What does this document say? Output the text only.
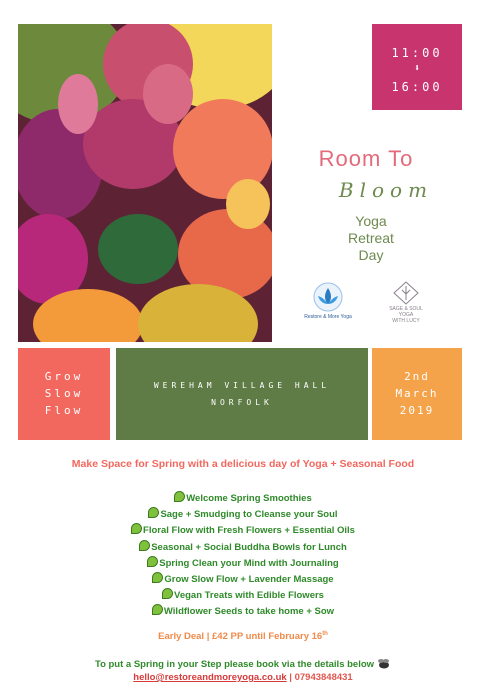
11:00
⬇
16:00
Room To
Bloom
Yoga
Retreat
Day
Restore & More Yoga
SAGE & SOUL
YOGA
WITH LUCY
Grow
Slow
Flow
WEREHAM VILLAGE HALL
NORFOLK
2nd
March
2019
Make Space for Spring with a delicious day of Yoga + Seasonal Food
Welcome Spring Smoothies
Sage + Smudging to Cleanse your Soul
Floral Flow with Fresh Flowers + Essential Oils
Seasonal + Social Buddha Bowls for Lunch
Spring Clean your Mind with Journaling
Grow Slow Flow + Lavender Massage
Vegan Treats with Edible Flowers
Wildflower Seeds to take home + Sow
Early Deal | £42 PP until February 16th
To put a Spring in your Step please book via the details below
hello@restoreandmoreyoga.co.uk | 07943848431
